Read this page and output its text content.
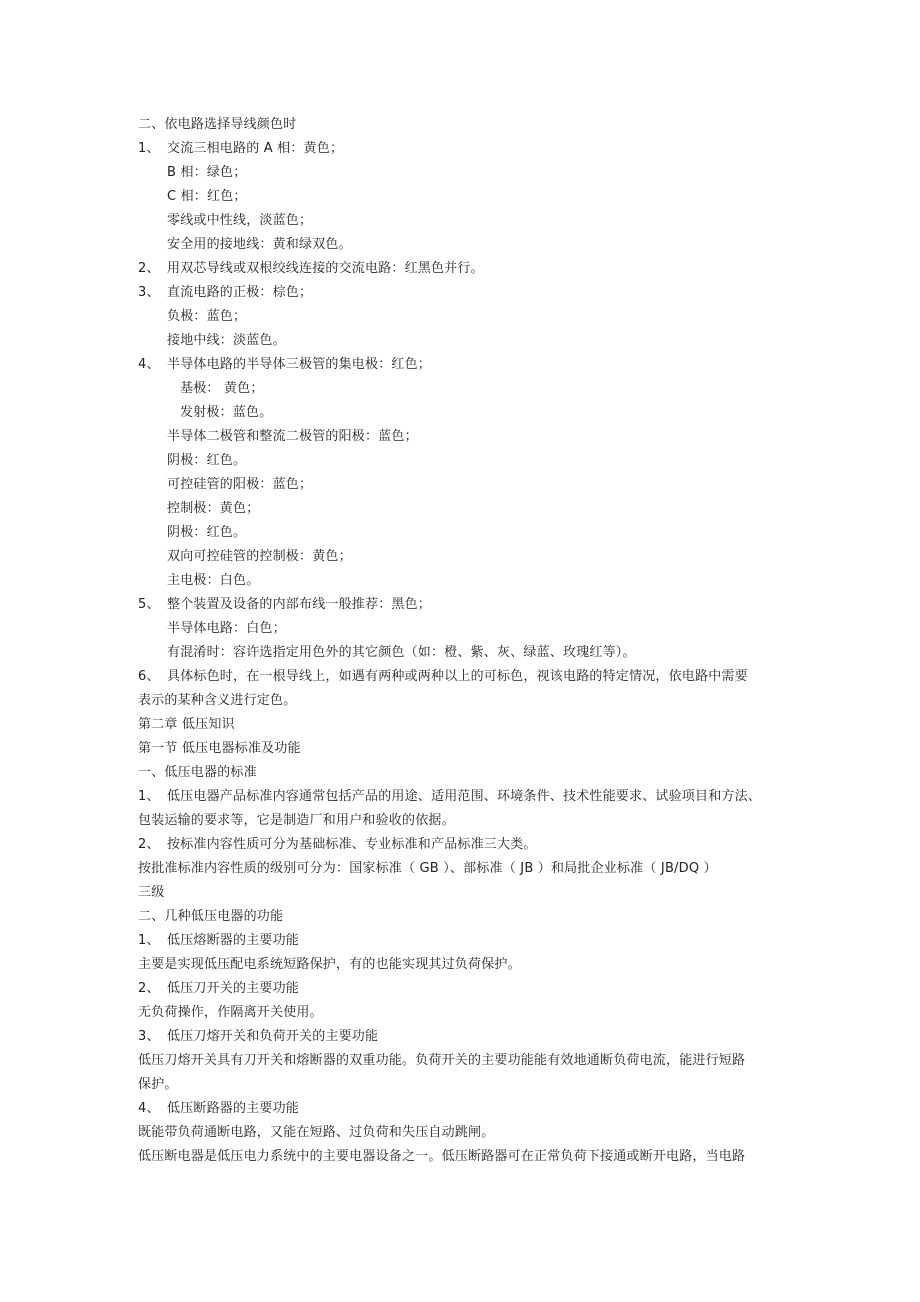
二、依电路选择导线颜色时
1、 交流三相电路的 A 相：黄色；
B 相：绿色；
C 相：红色；
零线或中性线，淡蓝色；
安全用的接地线：黄和绿双色。
2、 用双芯导线或双根绞线连接的交流电路：红黑色并行。
3、 直流电路的正极：棕色；
负极：蓝色；
接地中线：淡蓝色。
4、 半导体电路的半导体三极管的集电极：红色；
基极： 黄色；
发射极：蓝色。
半导体二极管和整流二极管的阳极：蓝色；
阴极：红色。
可控硅管的阳极：蓝色；
控制极：黄色；
阴极：红色。
双向可控硅管的控制极：黄色；
主电极：白色。
5、 整个装置及设备的内部布线一般推荐：黑色；
半导体电路：白色；
有混淆时：容许选指定用色外的其它颜色（如：橙、紫、灰、绿蓝、玫瑰红等）。
6、 具体标色时，在一根导线上，如遇有两种或两种以上的可标色，视该电路的特定情况，依电路中需要
表示的某种含义进行定色。
第二章 低压知识
第一节 低压电器标准及功能
一、低压电器的标准
1、 低压电器产品标准内容通常包括产品的用途、适用范围、环境条件、技术性能要求、试验项目和方法、
包装运输的要求等，它是制造厂和用户和验收的依据。
2、 按标准内容性质可分为基础标准、专业标准和产品标准三大类。
按批准标准内容性质的级别可分为：国家标准（ GB ）、部标准（ JB ）和局批企业标准（ JB/DQ ）
三级
二、几种低压电器的功能
1、 低压熔断器的主要功能
主要是实现低压配电系统短路保护，有的也能实现其过负荷保护。
2、 低压刀开关的主要功能
无负荷操作，作隔离开关使用。
3、 低压刀熔开关和负荷开关的主要功能
低压刀熔开关具有刀开关和熔断器的双重功能。负荷开关的主要功能能有效地通断负荷电流，能进行短路
保护。
4、 低压断路器的主要功能
既能带负荷通断电路，又能在短路、过负荷和失压自动跳闸。
低压断电器是低压电力系统中的主要电器设备之一。低压断路器可在正常负荷下接通或断开电路，当电路
